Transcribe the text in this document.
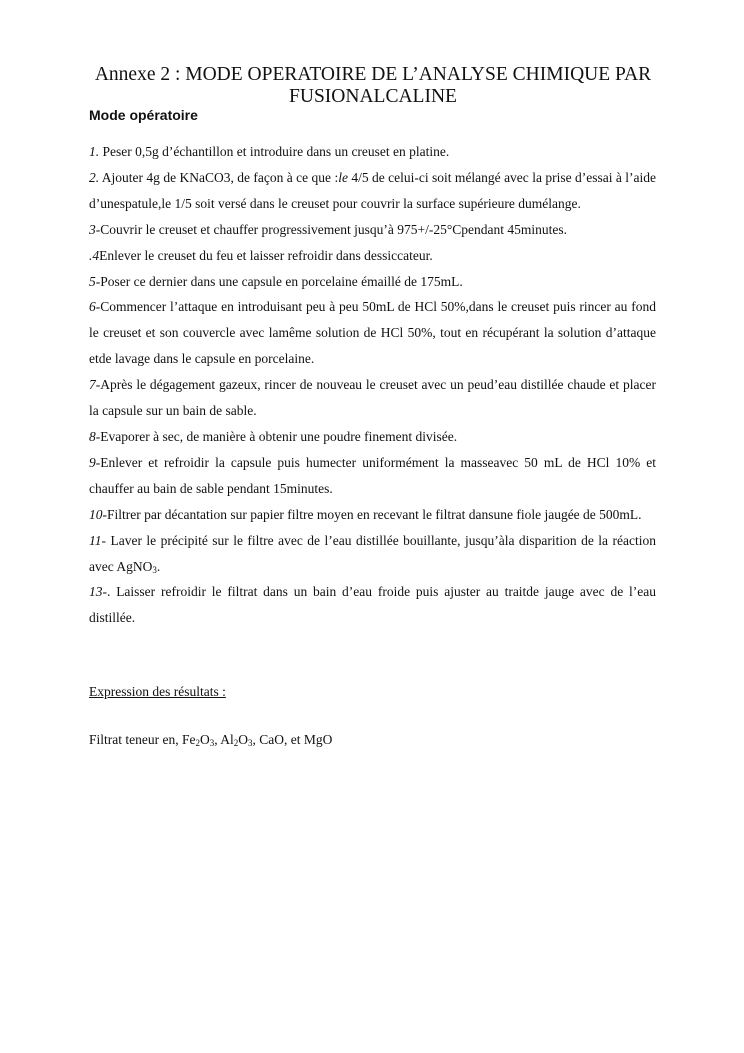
Annexe 2 : MODE OPERATOIRE DE L’ANALYSE CHIMIQUE PAR FUSIONALCALINE
Mode opératoire

1. Peser 0,5g d’échantillon et introduire dans un creuset en platine.

2. Ajouter 4g de KNaCO3, de façon à ce que :le 4/5 de celui-ci soit mélangé avec la prise d’essai à l’aide d’unespatule,le 1/5 soit versé dans le creuset pour couvrir la surface supérieure dumélange.

3-Couvrir le creuset et chauffer progressivement jusqu’à 975+/-25°Cpendant 45minutes.

.4Enlever le creuset du feu et laisser refroidir dans dessiccateur.

5-Poser ce dernier dans une capsule en porcelaine émaillé de 175mL.

6-Commencer l’attaque en introduisant peu à peu 50mL de HCl 50%,dans le creuset puis rincer au fond le creuset et son couvercle avec lamême solution de HCl 50%, tout en récupérant la solution d’attaque etde lavage dans le capsule en porcelaine.

7-Après le dégagement gazeux, rincer de nouveau le creuset avec un peud’eau distillée chaude et placer la capsule sur un bain de sable.

8-Evaporer à sec, de manière à obtenir une poudre finement divisée.

9-Enlever et refroidir la capsule puis humecter uniformément la masseavec 50 mL de HCl 10% et chauffer au bain de sable pendant 15minutes.

10-Filtrer par décantation sur papier filtre moyen en recevant le filtrat dansune fiole jaugée de 500mL.

11- Laver le précipité sur le filtre avec de l’eau distillée bouillante, jusqu’àla disparition de la réaction avec AgNO$_3$.

13-. Laisser refroidir le filtrat dans un bain d’eau froide puis ajuster au traitde jauge avec de l’eau distillée.

Expression des résultats :
Filtrat teneur en, $Fe_2O_3$, $Al_2O_3$, CaO, et MgO
